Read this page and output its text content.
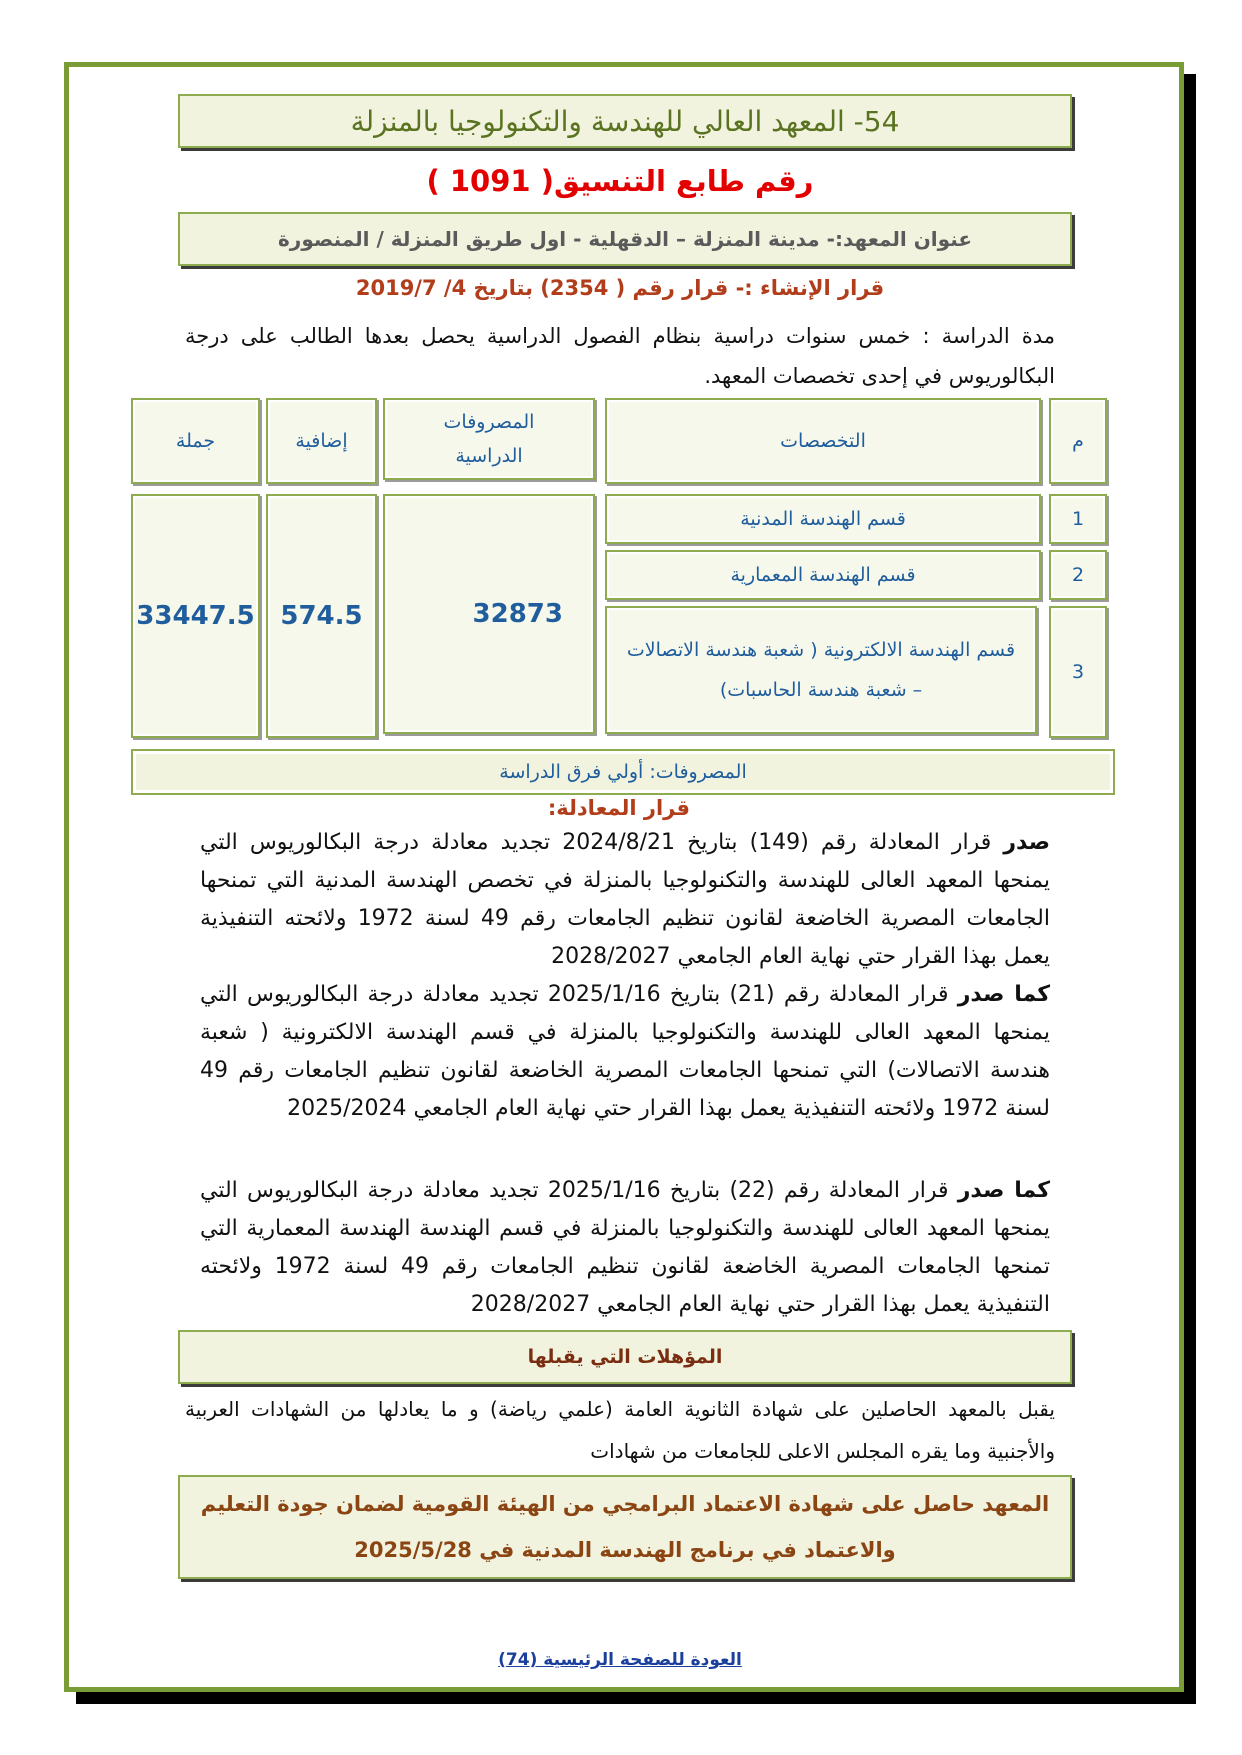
54- المعهد العالي للهندسة والتكنولوجيا بالمنزلة
رقم طابع التنسيق( 1091 )
عنوان المعهد:- مدينة المنزلة – الدقهلية - اول طريق المنزلة / المنصورة
قرار الإنشاء :- قرار رقم ( 2354) بتاريخ 4/ 2019/7
مدة الدراسة : خمس سنوات دراسية بنظام الفصول الدراسية يحصل بعدها الطالب على درجة البكالوريوس في إحدى تخصصات المعهد.
م
التخصصات
المصروفات الدراسية
إضافية
جملة
1
قسم الهندسة المدنية
2
قسم الهندسة المعمارية
3
قسم الهندسة الالكترونية ( شعبة هندسة الاتصالات – شعبة هندسة الحاسبات)
32873
574.5
33447.5
المصروفات: أولي فرق الدراسة
قرار المعادلة:
صدر قرار المعادلة رقم (149) بتاريخ 2024/8/21 تجديد معادلة درجة البكالوريوس التي يمنحها المعهد العالى للهندسة والتكنولوجيا بالمنزلة في تخصص الهندسة المدنية التي تمنحها الجامعات المصرية الخاضعة لقانون تنظيم الجامعات رقم 49 لسنة 1972 ولائحته التنفيذية يعمل بهذا القرار حتي نهاية العام الجامعي 2028/2027
كما صدر قرار المعادلة رقم (21) بتاريخ 2025/1/16 تجديد معادلة درجة البكالوريوس التي يمنحها المعهد العالى للهندسة والتكنولوجيا بالمنزلة في قسم الهندسة الالكترونية ( شعبة هندسة الاتصالات) التي تمنحها الجامعات المصرية الخاضعة لقانون تنظيم الجامعات رقم 49 لسنة 1972 ولائحته التنفيذية يعمل بهذا القرار حتي نهاية العام الجامعي 2025/2024
كما صدر قرار المعادلة رقم (22) بتاريخ 2025/1/16 تجديد معادلة درجة البكالوريوس التي يمنحها المعهد العالى للهندسة والتكنولوجيا بالمنزلة في قسم الهندسة الهندسة المعمارية التي تمنحها الجامعات المصرية الخاضعة لقانون تنظيم الجامعات رقم 49 لسنة 1972 ولائحته التنفيذية يعمل بهذا القرار حتي نهاية العام الجامعي 2028/2027
المؤهلات التي يقبلها
يقبل بالمعهد الحاصلين على شهادة الثانوية العامة (علمي رياضة) و ما يعادلها من الشهادات العربية والأجنبية وما يقره المجلس الاعلى للجامعات من شهادات
المعهد حاصل على شهادة الاعتماد البرامجي من الهيئة القومية لضمان جودة التعليم
والاعتماد في برنامج الهندسة المدنية في 2025/5/28
العودة للصفحة الرئيسية (74)
